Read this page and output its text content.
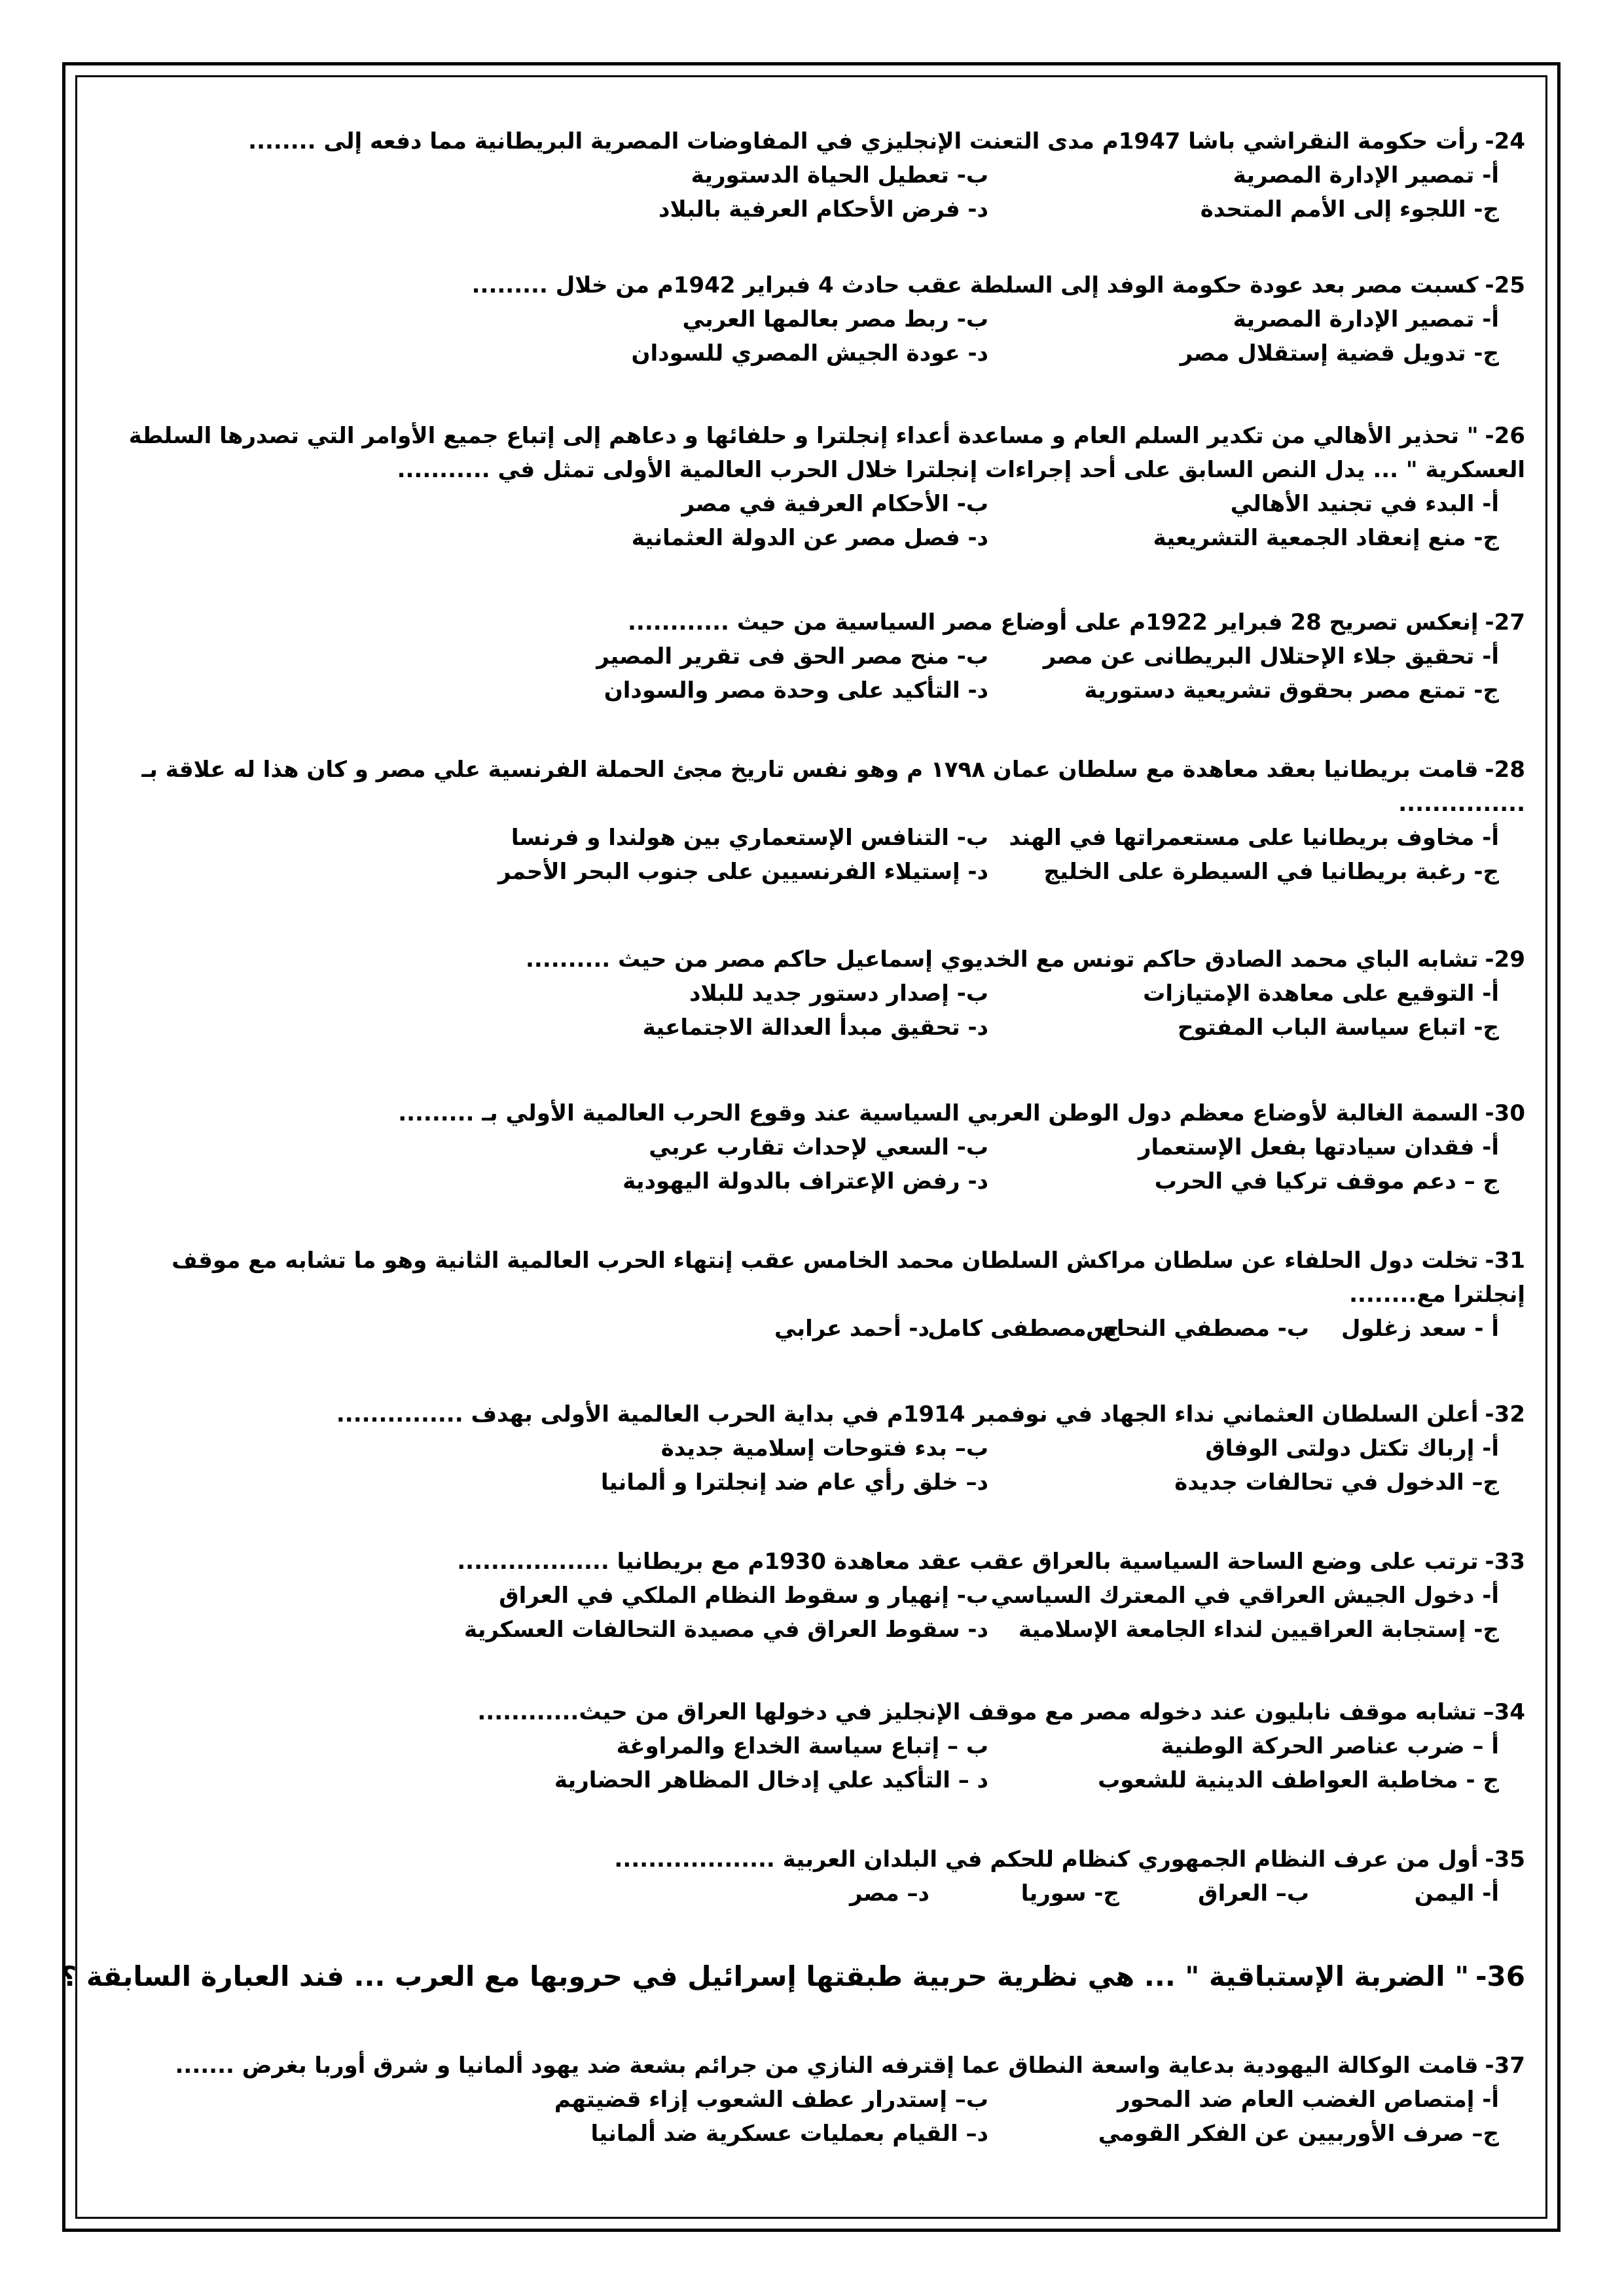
24-رأت حكومة النقراشي باشا 1947م مدى التعنت الإنجليزي في المفاوضات المصرية البريطانية مما دفعه إلى ........
أ- تمصير الإدارة المصرية
ب- تعطيل الحياة الدستورية
ج- اللجوء إلى الأمم المتحدة
د- فرض الأحكام العرفية بالبلاد
25-كسبت مصر بعد عودة حكومة الوفد إلى السلطة عقب حادث 4 فبراير 1942م من خلال .........
أ- تمصير الإدارة المصرية
ب- ربط مصر بعالمها العربي
ج- تدويل قضية إستقلال مصر
د- عودة الجيش المصري للسودان
26-" تحذير الأهالي من تكدير السلم العام و مساعدة أعداء إنجلترا و حلفائها و دعاهم إلى إتباع جميع الأوامر التي تصدرها السلطة العسكرية " ... يدل النص السابق على أحد إجراءات إنجلترا خلال الحرب العالمية الأولى تمثل في ...........
أ- البدء في تجنيد الأهالي
ب- الأحكام العرفية في مصر
ج- منع إنعقاد الجمعية التشريعية
د- فصل مصر عن الدولة العثمانية
27-إنعكس تصريح 28 فبراير 1922م على أوضاع مصر السياسية من حيث ............
أ- تحقيق جلاء الإحتلال البريطانى عن مصر
ب- منح مصر الحق فى تقرير المصير
ج- تمتع مصر بحقوق تشريعية دستورية
د- التأكيد على وحدة مصر والسودان
28-قامت بريطانيا بعقد معاهدة مع سلطان عمان ١٧٩٨ م وهو نفس تاريخ مجئ الحملة الفرنسية علي مصر و كان هذا له علاقة بـ ...............
أ- مخاوف بريطانيا على مستعمراتها في الهند
ب- التنافس الإستعماري بين هولندا و فرنسا
ج- رغبة بريطانيا في السيطرة على الخليج
د- إستيلاء الفرنسيين على جنوب البحر الأحمر
29-تشابه الباي محمد الصادق حاكم تونس مع الخديوي إسماعيل حاكم مصر من حيث ..........
أ- التوقيع على معاهدة الإمتيازات
ب- إصدار دستور جديد للبلاد
ج- اتباع سياسة الباب المفتوح
د- تحقيق مبدأ العدالة الاجتماعية
30-السمة الغالبة لأوضاع معظم دول الوطن العربي السياسية عند وقوع الحرب العالمية الأولي بـ .........
أ- فقدان سيادتها بفعل الإستعمار
ب- السعي لإحداث تقارب عربي
ج – دعم موقف تركيا في الحرب
د- رفض الإعتراف بالدولة اليهودية
31-تخلت دول الحلفاء عن سلطان مراكش السلطان محمد الخامس عقب إنتهاء الحرب العالمية الثانية وهو ما تشابه مع موقف إنجلترا مع........
أ - سعد زغلول
ب- مصطفي النحاس
ج- مصطفى كامل
د- أحمد عرابي
32-أعلن السلطان العثماني نداء الجهاد في نوفمبر 1914م في بداية الحرب العالمية الأولى بهدف ...............
أ- إرباك تكتل دولتى الوفاق
ب– بدء فتوحات إسلامية جديدة
ج– الدخول في تحالفات جديدة
د– خلق رأي عام ضد إنجلترا و ألمانيا
33-ترتب على وضع الساحة السياسية بالعراق عقب عقد معاهدة 1930م مع بريطانيا ..................
أ- دخول الجيش العراقي في المعترك السياسي
ب- إنهيار و سقوط النظام الملكي في العراق
ج- إستجابة العراقيين لنداء الجامعة الإسلامية
د- سقوط العراق في مصيدة التحالفات العسكرية
34–تشابه موقف نابليون عند دخوله مصر مع موقف الإنجليز في دخولها العراق من حيث............
أ – ضرب عناصر الحركة الوطنية
ب – إتباع سياسة الخداع والمراوغة
ج - مخاطبة العواطف الدينية للشعوب
د – التأكيد علي إدخال المظاهر الحضارية
35-أول من عرف النظام الجمهوري كنظام للحكم في البلدان العربية ...................
أ- اليمن
ب– العراق
ج- سوريا
د– مصر
36-" الضربة الإستباقية " ... هي نظرية حربية طبقتها إسرائيل في حروبها مع العرب ... فند العبارة السابقة ؟
37-قامت الوكالة اليهودية بدعاية واسعة النطاق عما إقترفه النازي من جرائم بشعة ضد يهود ألمانيا و شرق أوربا بغرض .......
أ- إمتصاص الغضب العام ضد المحور
ب– إستدرار عطف الشعوب إزاء قضيتهم
ج– صرف الأوربيين عن الفكر القومي
د– القيام بعمليات عسكرية ضد ألمانيا
